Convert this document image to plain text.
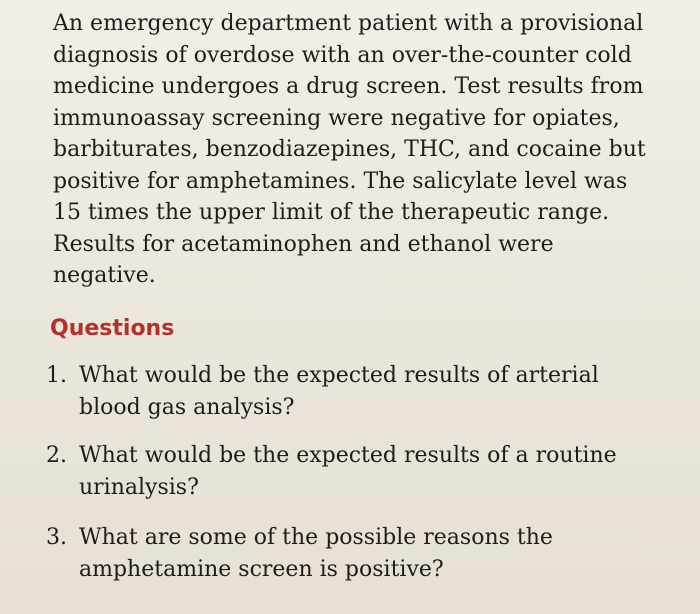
An emergency department patient with a provisional
diagnosis of overdose with an over-the-counter cold
medicine undergoes a drug screen. Test results from
immunoassay screening were negative for opiates,
barbiturates, benzodiazepines, THC, and cocaine but
positive for amphetamines. The salicylate level was
15 times the upper limit of the therapeutic range.
Results for acetaminophen and ethanol were
negative.

Questions
1. What would be the expected results of arterial
blood gas analysis?
2. What would be the expected results of a routine
urinalysis?
3. What are some of the possible reasons the
amphetamine screen is positive?
